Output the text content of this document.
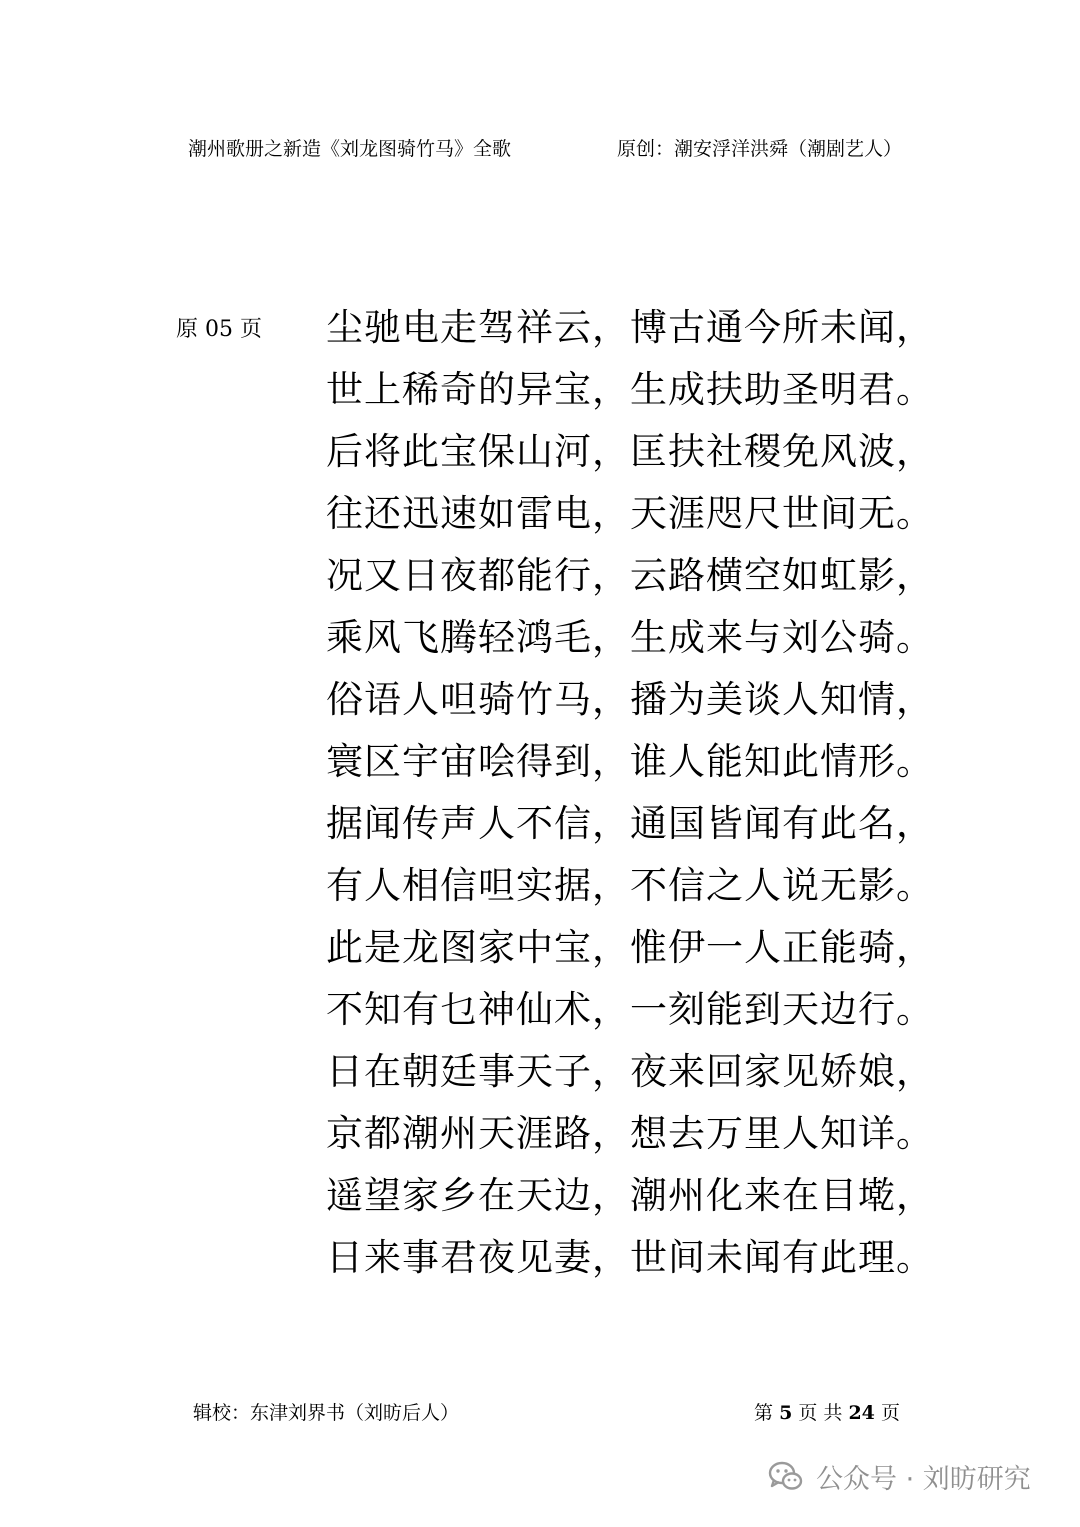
潮州歌册之新造《刘龙图骑竹马》全歌	原创：潮安浮洋洪舜（潮剧艺人）
原 05 页 尘驰电走驾祥云，博古通今所未闻，
世上稀奇的异宝，生成扶助圣明君。
后将此宝保山河，匡扶社稷免风波，
往还迅速如雷电，天涯咫尺世间无。
况又日夜都能行，云路横空如虹影，
乘风飞腾轻鸿毛，生成来与刘公骑。
俗语人呾骑竹马，播为美谈人知情，
寰区宇宙哙得到，谁人能知此情形。
据闻传声人不信，通国皆闻有此名，
有人相信呾实据，不信之人说无影。
此是龙图家中宝，惟伊一人正能骑，
不知有乜神仙术，一刻能到天边行。
日在朝廷事天子，夜来回家见娇娘，
京都潮州天涯路，想去万里人知详。
遥望家乡在天边，潮州化来在目墘，
日来事君夜见妻，世间未闻有此理。
辑校：东津刘界书（刘昉后人）	第 5 页 共 24 页
公众号 · 刘昉研究
